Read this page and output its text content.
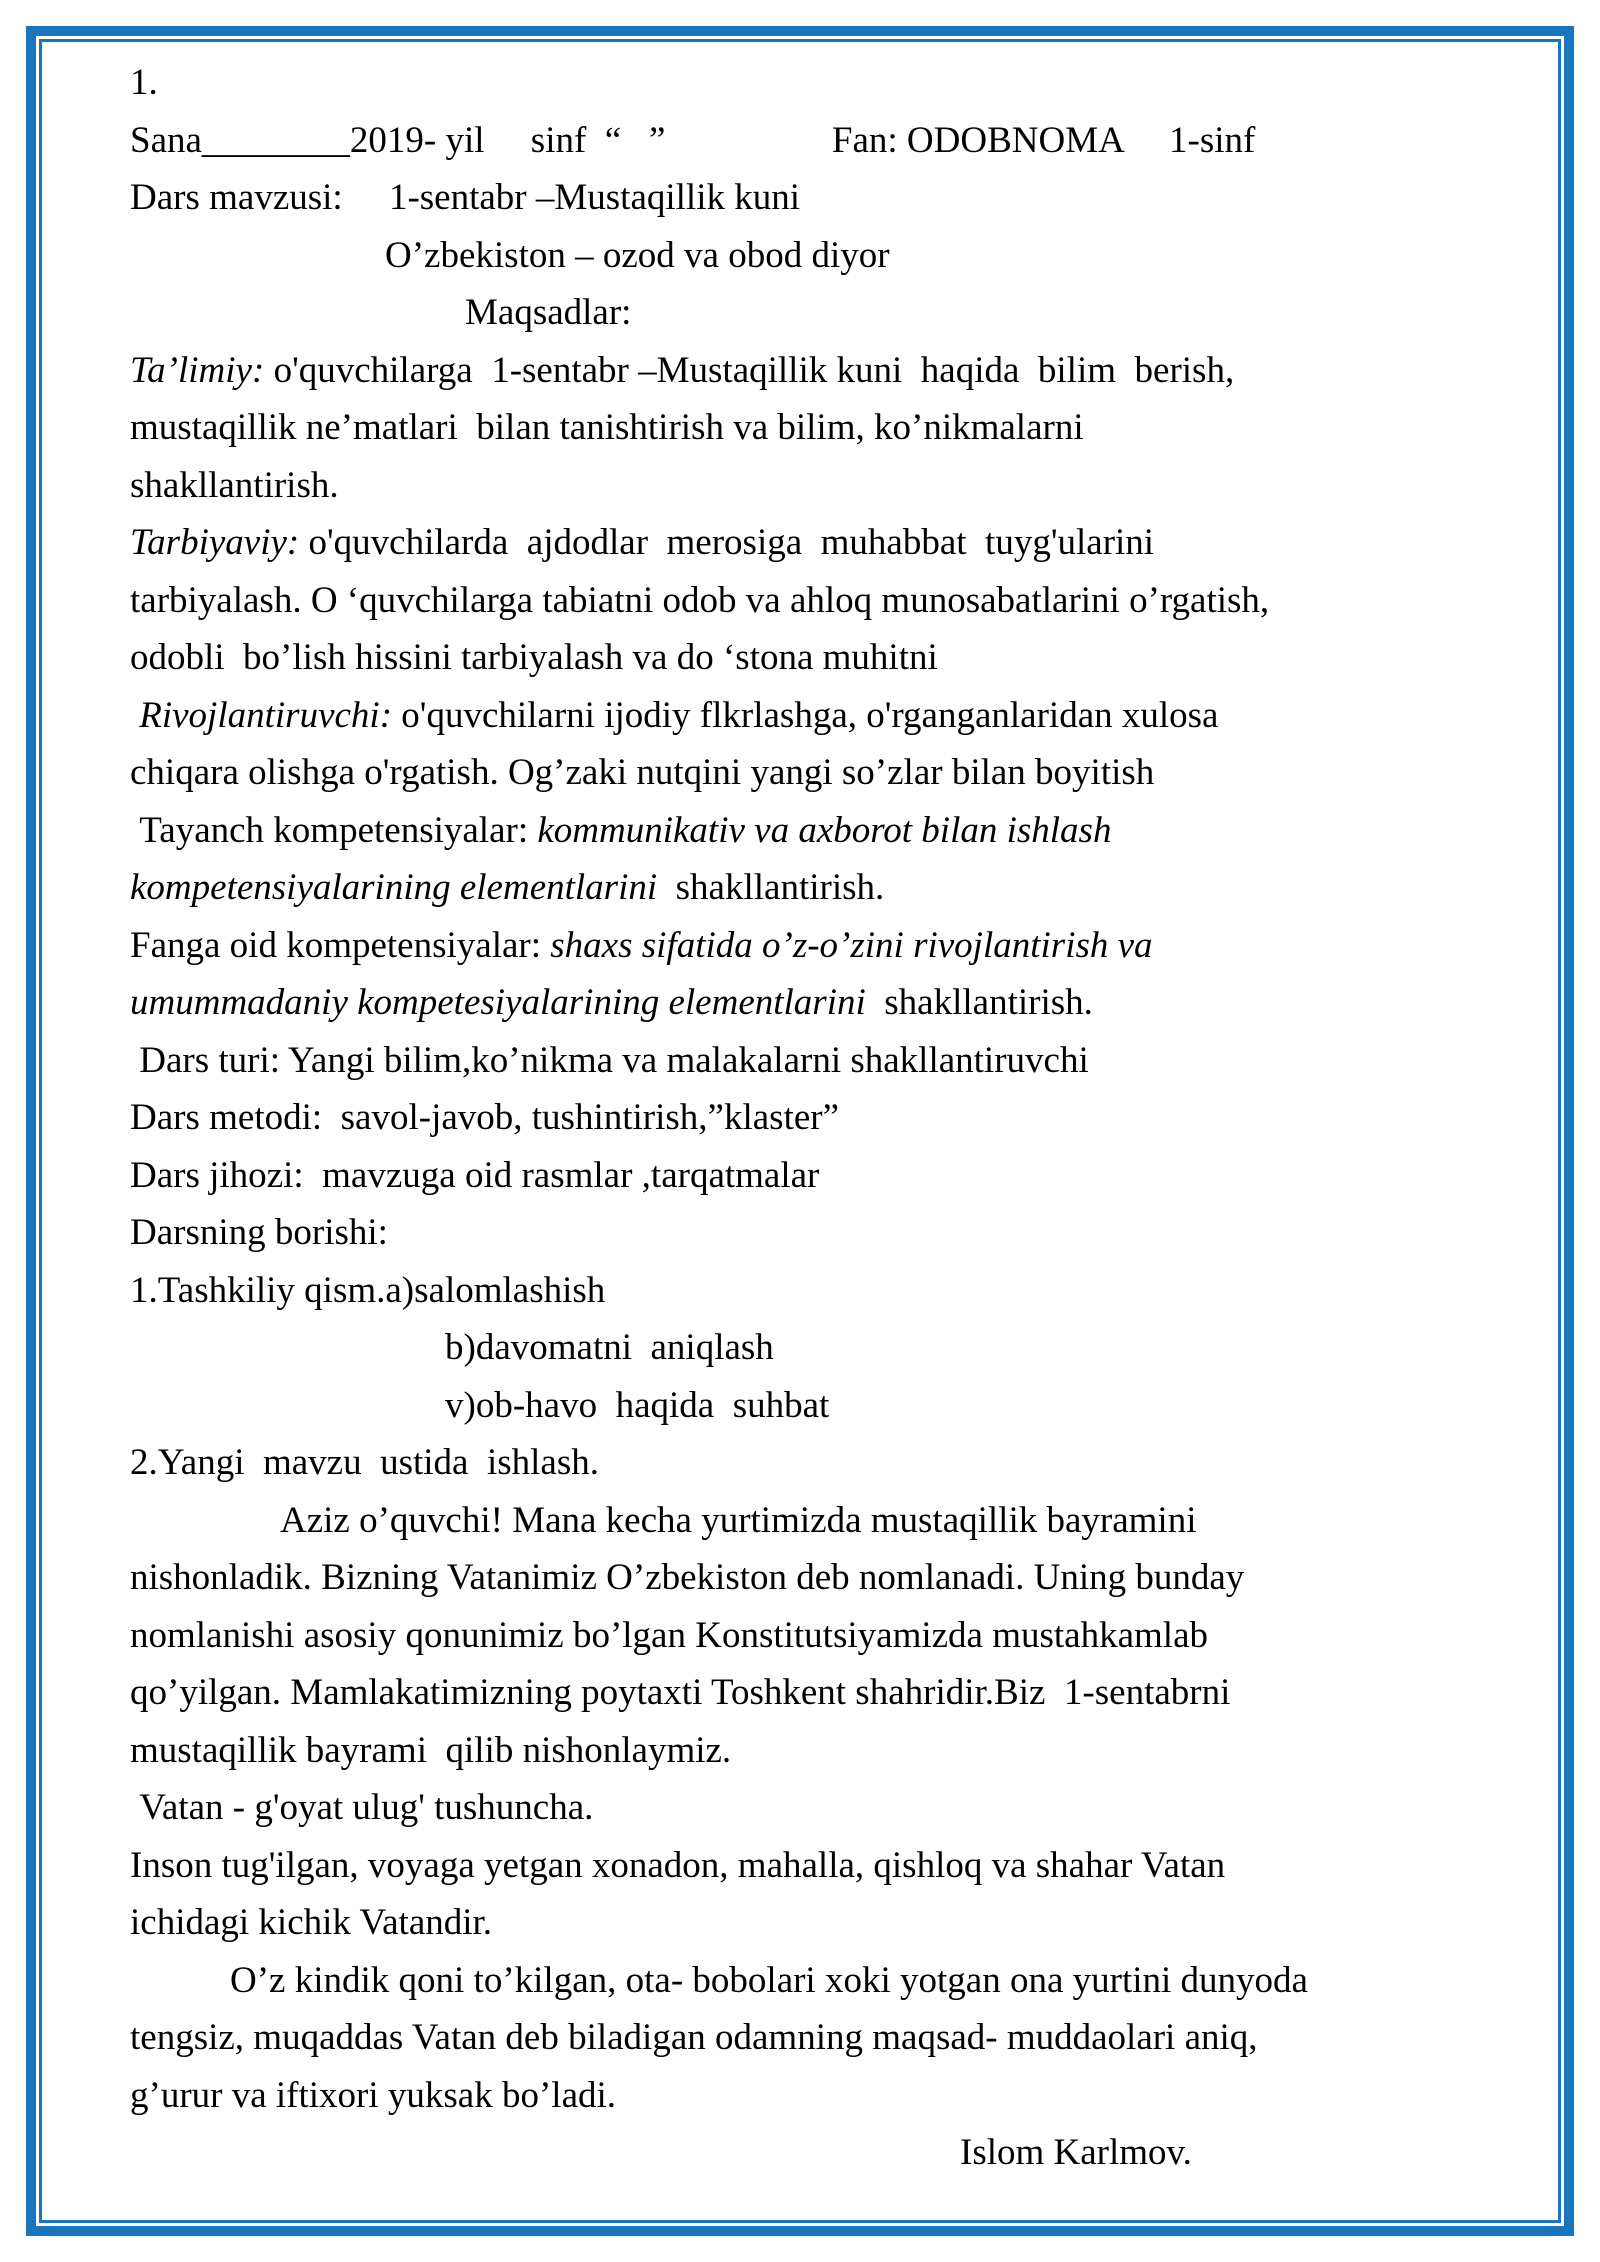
1.

Sana________2019- yil     sinf  “   ”                  Fan: ODOBNOMA     1-sinf

Dars mavzusi:     1-sentabr –Mustaqillik kuni

O’zbekiston – ozod va obod diyor

Maqsadlar:

Ta’limiy: o'quvchilarga  1-sentabr –Mustaqillik kuni  haqida  bilim  berish,

mustaqillik ne’matlari  bilan tanishtirish va bilim, ko’nikmalarni

shakllantirish.

Tarbiyaviy: o'quvchilarda  ajdodlar  merosiga  muhabbat  tuyg'ularini

tarbiyalash. O ‘quvchilarga tabiatni odob va ahloq munosabatlarini o’rgatish,

odobli  bo’lish hissini tarbiyalash va do ‘stona muhitni

Rivojlantiruvchi: o'quvchilarni ijodiy flkrlashga, o'rganganlaridan xulosa

chiqara olishga o'rgatish. Og’zaki nutqini yangi so’zlar bilan boyitish

Tayanch kompetensiyalar: kommunikativ va axborot bilan ishlash

kompetensiyalarining elementlarini  shakllantirish.

Fanga oid kompetensiyalar: shaxs sifatida o’z-o’zini rivojlantirish va

umummadaniy kompetesiyalarining elementlarini  shakllantirish.

Dars turi: Yangi bilim,ko’nikma va malakalarni shakllantiruvchi

Dars metodi:  savol-javob, tushintirish,”klaster”

Dars jihozi:  mavzuga oid rasmlar ,tarqatmalar

Darsning borishi:

1.Tashkiliy qism.a)salomlashish

b)davomatni  aniqlash

v)ob-havo  haqida  suhbat

2.Yangi  mavzu  ustida  ishlash.

Aziz o’quvchi! Mana kecha yurtimizda mustaqillik bayramini

nishonladik. Bizning Vatanimiz O’zbekiston deb nomlanadi. Uning bunday

nomlanishi asosiy qonunimiz bo’lgan Konstitutsiyamizda mustahkamlab

qo’yilgan. Mamlakatimizning poytaxti Toshkent shahridir.Biz  1-sentabrni

mustaqillik bayrami  qilib nishonlaymiz.

Vatan - g'oyat ulug' tushuncha.

Inson tug'ilgan, voyaga yetgan xonadon, mahalla, qishloq va shahar Vatan

ichidagi kichik Vatandir.

O’z kindik qoni to’kilgan, ota- bobolari xoki yotgan ona yurtini dunyoda

tengsiz, muqaddas Vatan deb biladigan odamning maqsad- muddaolari aniq,

g’urur va iftixori yuksak bo’ladi.

Islom Karlmov.
